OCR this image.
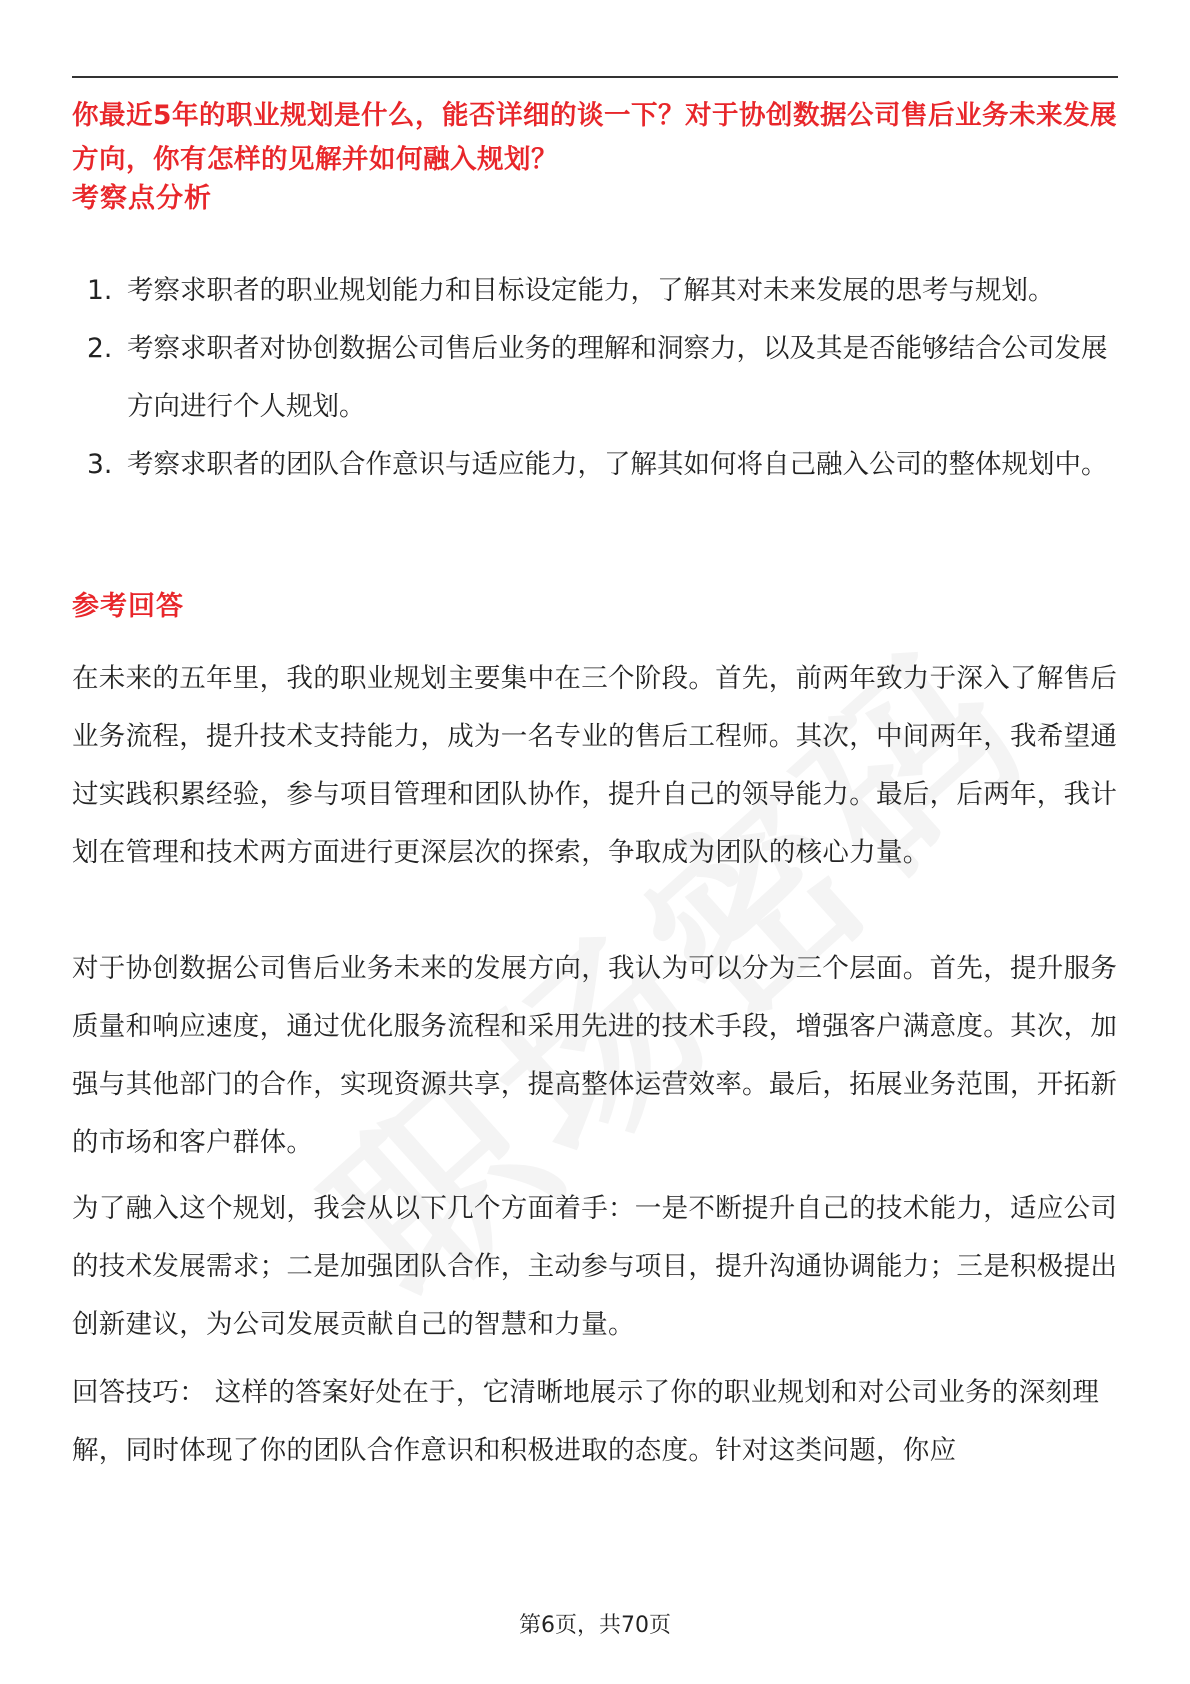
你最近5年的职业规划是什么，能否详细的谈一下？对于协创数据公司售后业务未来发展方向，你有怎样的见解并如何融入规划？

考察点分析
1. 考察求职者的职业规划能力和目标设定能力，了解其对未来发展的思考与规划。
2. 考察求职者对协创数据公司售后业务的理解和洞察力，以及其是否能够结合公司发展方向进行个人规划。
3. 考察求职者的团队合作意识与适应能力，了解其如何将自己融入公司的整体规划中。
参考回答

在未来的五年里，我的职业规划主要集中在三个阶段。首先，前两年致力于深入了解售后业务流程，提升技术支持能力，成为一名专业的售后工程师。其次，中间两年，我希望通过实践积累经验，参与项目管理和团队协作，提升自己的领导能力。最后，后两年，我计划在管理和技术两方面进行更深层次的探索，争取成为团队的核心力量。

对于协创数据公司售后业务未来的发展方向，我认为可以分为三个层面。首先，提升服务质量和响应速度，通过优化服务流程和采用先进的技术手段，增强客户满意度。其次，加强与其他部门的合作，实现资源共享，提高整体运营效率。最后，拓展业务范围，开拓新的市场和客户群体。

为了融入这个规划，我会从以下几个方面着手：一是不断提升自己的技术能力，适应公司的技术发展需求；二是加强团队合作，主动参与项目，提升沟通协调能力；三是积极提出创新建议，为公司发展贡献自己的智慧和力量。

回答技巧： 这样的答案好处在于，它清晰地展示了你的职业规划和对公司业务的深刻理解，同时体现了你的团队合作意识和积极进取的态度。针对这类问题，你应

第6页，共70页
